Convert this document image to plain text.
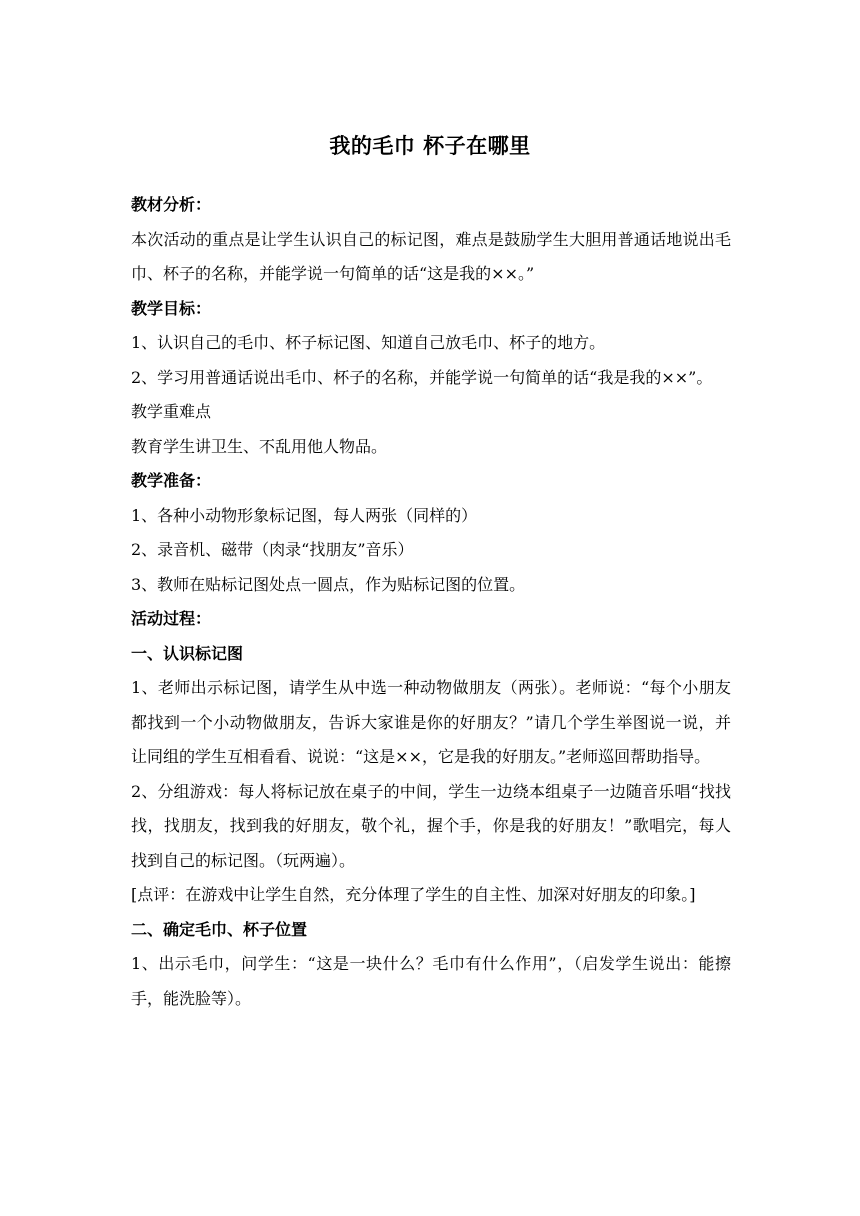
我的毛巾 杯子在哪里

教材分析：

本次活动的重点是让学生认识自己的标记图，难点是鼓励学生大胆用普通话地说出毛巾、杯子的名称，并能学说一句简单的话“这是我的××。”

教学目标：

1、认识自己的毛巾、杯子标记图、知道自己放毛巾、杯子的地方。

2、学习用普通话说出毛巾、杯子的名称，并能学说一句简单的话“我是我的××”。

教学重难点

教育学生讲卫生、不乱用他人物品。

教学准备：

1、各种小动物形象标记图，每人两张（同样的）

2、录音机、磁带（肉录“找朋友”音乐）

3、教师在贴标记图处点一圆点，作为贴标记图的位置。

活动过程：

一、认识标记图

1、老师出示标记图，请学生从中选一种动物做朋友（两张）。老师说：“每个小朋友都找到一个小动物做朋友，告诉大家谁是你的好朋友？”请几个学生举图说一说，并让同组的学生互相看看、说说：“这是××，它是我的好朋友。”老师巡回帮助指导。

2、分组游戏：每人将标记放在桌子的中间，学生一边绕本组桌子一边随音乐唱“找找找，找朋友，找到我的好朋友，敬个礼，握个手，你是我的好朋友！”歌唱完，每人找到自己的标记图。（玩两遍）。

[点评：在游戏中让学生自然，充分体理了学生的自主性、加深对好朋友的印象。]

二、确定毛巾、杯子位置

1、出示毛巾，问学生：“这是一块什么？毛巾有什么作用”，（启发学生说出：能擦手，能洗脸等）。
